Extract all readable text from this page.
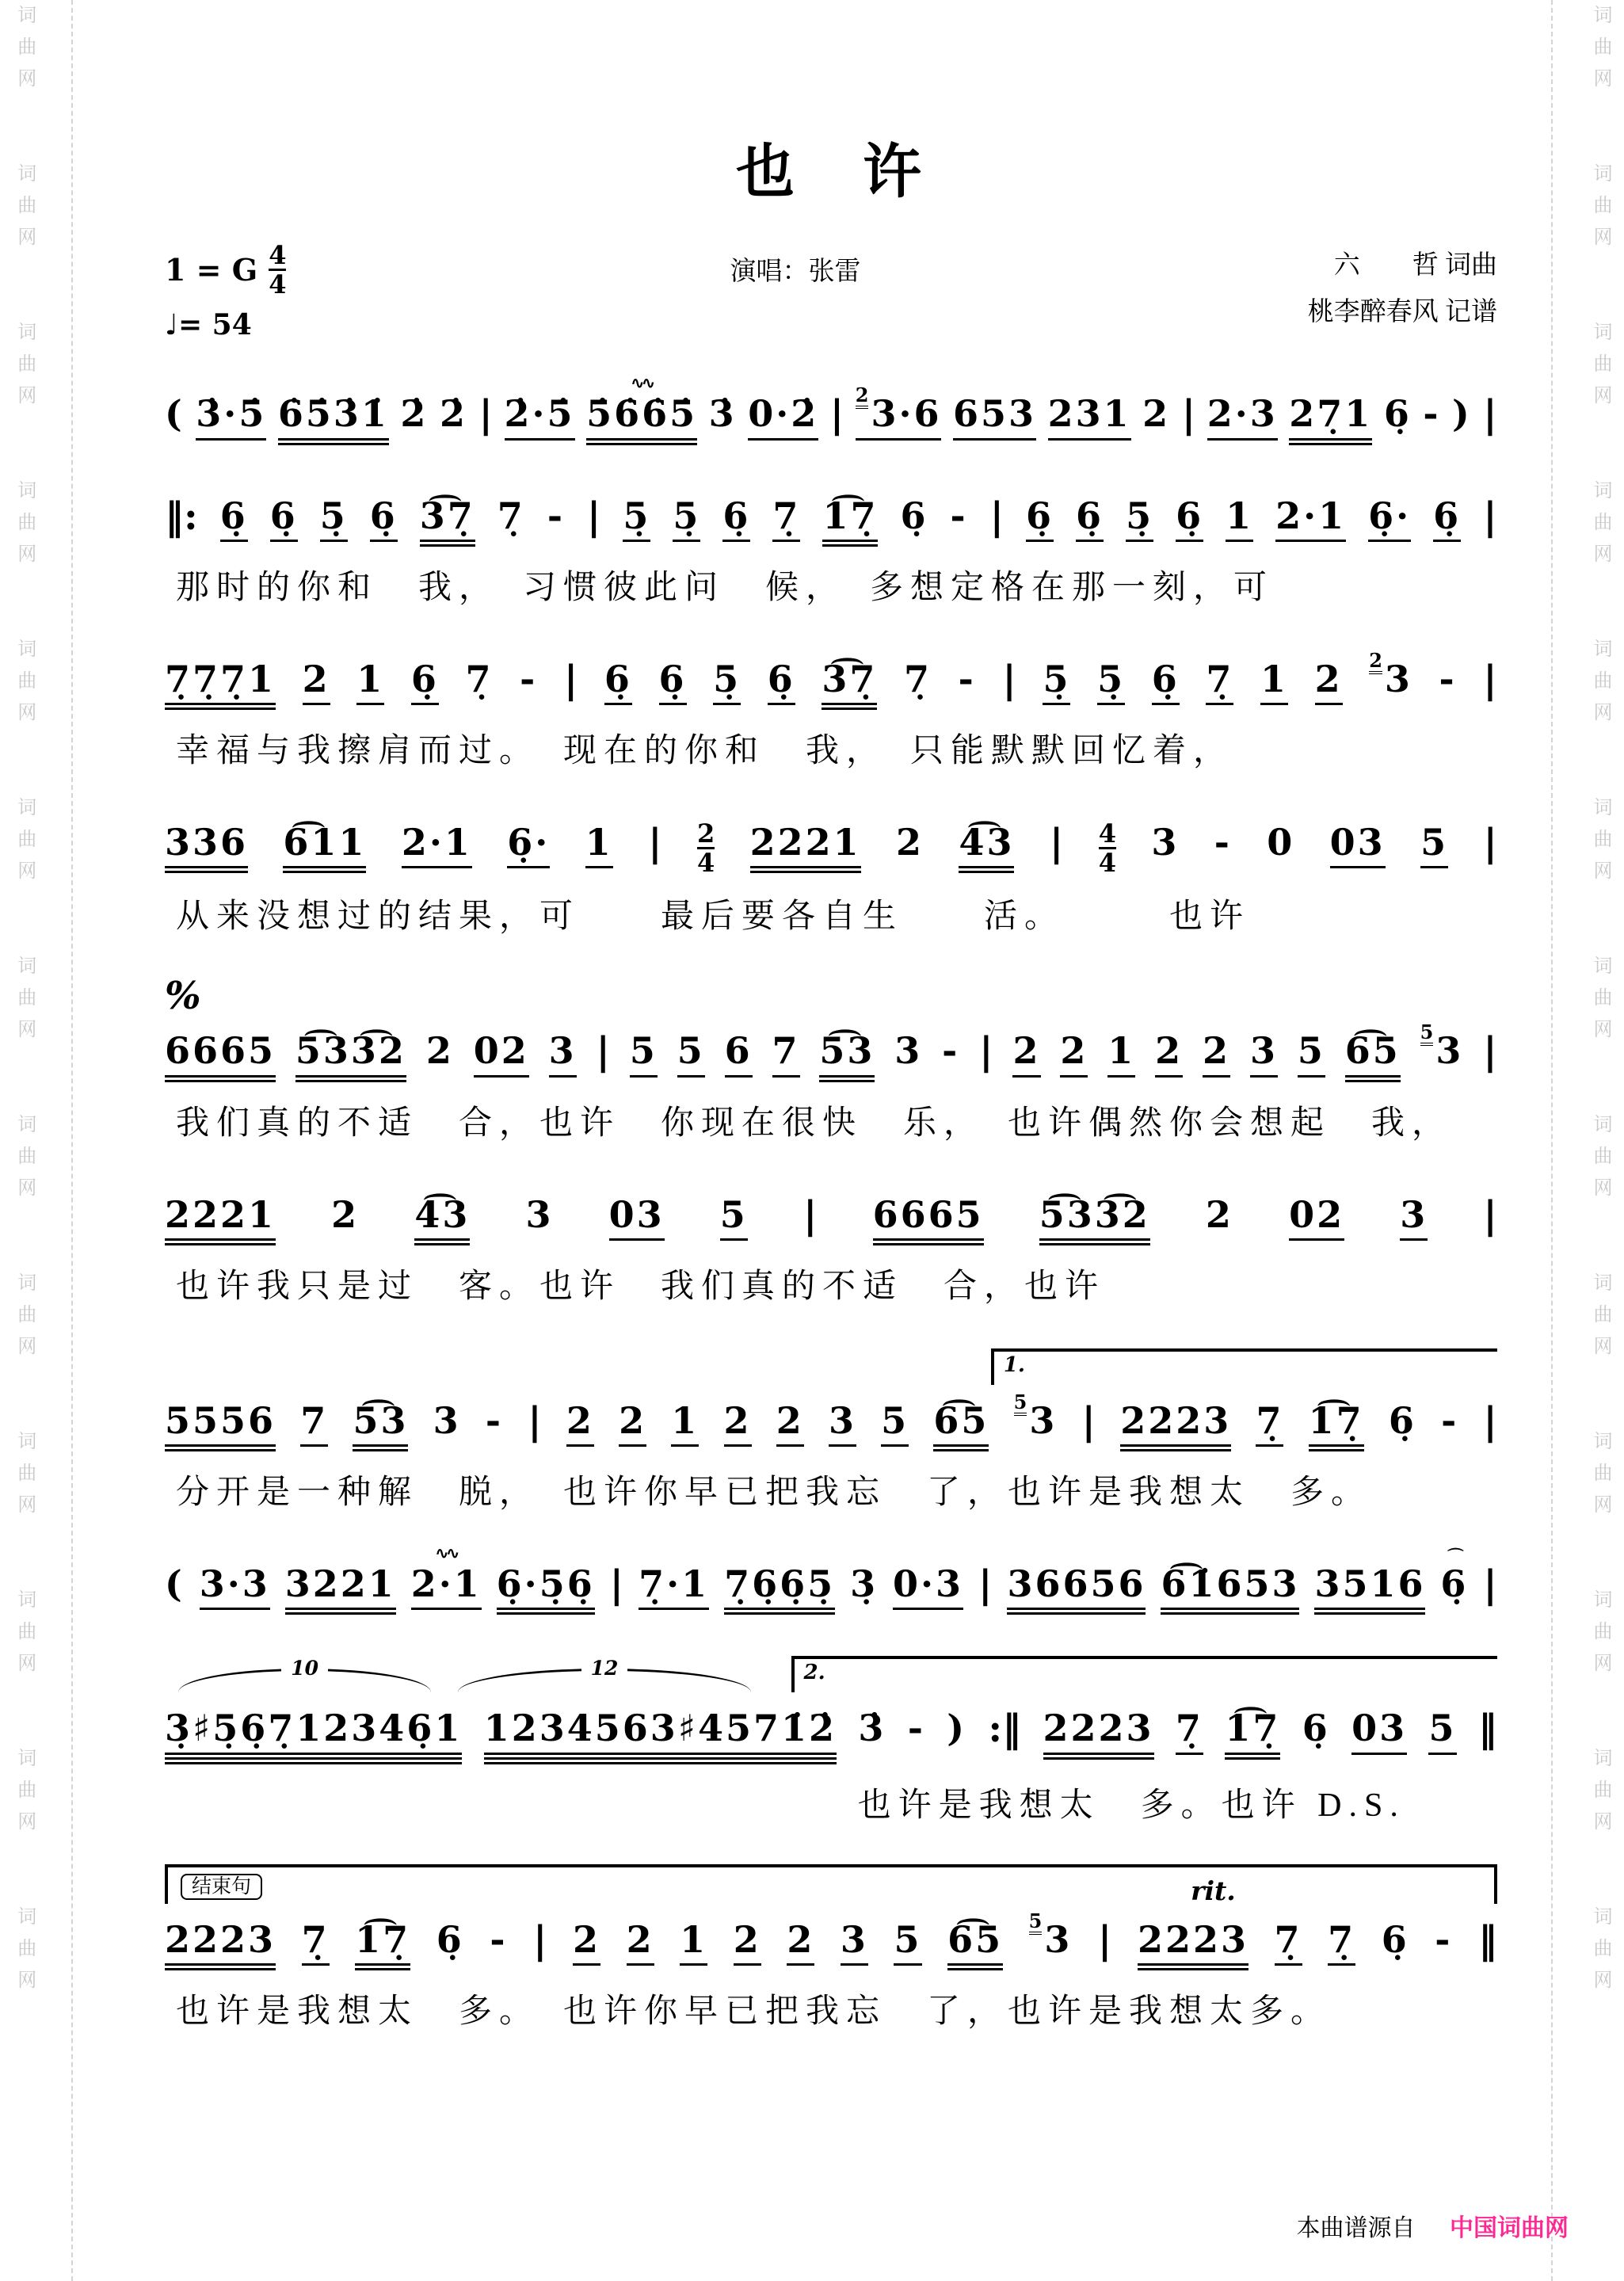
词曲网　　词曲网　　词曲网　　词曲网　　词曲网　　词曲网　　词曲网　　词曲网　　词曲网　　词曲网　　词曲网　　词曲网　　词曲网　　	词曲网　　词曲网　　词曲网　　词曲网　　词曲网　　词曲网　　词曲网　　词曲网　　词曲网　　词曲网　　词曲网　　词曲网　　词曲网　　
也　许
1 = G $\frac{4}{4}$
♩= 54
演唱：张雷	六　　哲 词曲
桃李醉春风 记谱
( 3̇·5̇ 6̇5̇3̇1̇ 2̇ 2̇ | 2̇·5̇
∿∿
5̇6̇6̇5̇ 3̇ 0·2̇ | 2 3·6 653 231 2 | 2·3 27̣1 6̣ - ) |
‖: 6̣ 6̣ 5̣ 6̣ 3͡7̣ 7̣ - | 5̣ 5̣ 6̣ 7̣ 1͡7̣ 6̣ - | 6̣ 6̣ 5̣ 6̣ 1 2·1 6̣· 6̣ |
那时的你和　我，　习惯彼此问　候，　多想定格在那一刻，可
7̣7̣7̣1 2 1 6̣ 7̣ - | 6̣ 6̣ 5̣ 6̣ 3͡7̣ 7̣ - | 5̣ 5̣ 6̣ 7̣ 1 2 2 3 - |
幸福与我擦肩而过。　现在的你和　我，　只能默默回忆着，
336 6͡11 2·1 6̣· 1 | $\frac{2}{4} 2221$ 2 4͡3 | $\frac{4}{4} 3 - 0$ 03 5 |
从来没想过的结果，可　　最后要各自生　　活。　　　也许
%
6665 5͡33͡2 2 02 3 | 5 5 6 7 5͡3 3 - | 2 2 1 2 2 3 5 6͡5 5 3 |
我们真的不适　合，也许　你现在很快　乐，　也许偶然你会想起　我，
2221 2 4͡3 3 03 5 | 6665 5͡33͡2 2 02 3 |
也许我只是过　客。也许　我们真的不适　合，也许
1.
5556 7 5͡3 3 - | 2 2 1 2 2 3 5 6͡5 5 3 | 2223 7̣ 1͡7̣ 6̣ - |
分开是一种解　脱，　也许你早已把我忘　了，也许是我想太　多。
( 3·3 3221
∿∿
2·1 6̣·5̣6̣ | 7̣·1 7̣6̣6̣5̣ 3̣ 0·3 | 36656 6͡1̇653 3516
⌒
6̣ |
10	12	2.
3̣♯5̣6̣7̣12346̣1 1234563♯4571̇2̇ 3̇ - ) :‖ 2223 7̣ 1͡7̣ 6̣ 03 5 ‖
也许是我想太　多。也许 D.S.
结束句	rit.
2223 7̣ 1͡7̣ 6̣ - | 2 2 1 2 2 3 5 6͡5 5 3 | 2223 7̣ 7̣ 6̣ - ‖
也许是我想太　多。　也许你早已把我忘　了，也许是我想太多。
本曲谱源自 中国词曲网
